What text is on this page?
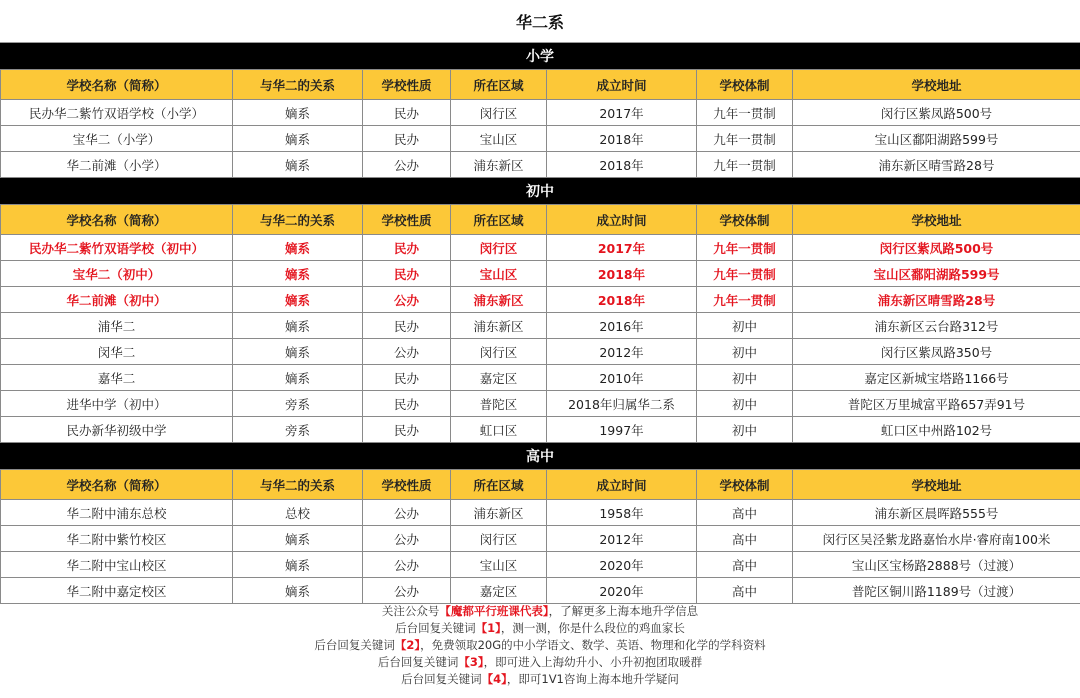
华二系
小学
学校名称（简称）	与华二的关系	学校性质	所在区域	成立时间	学校体制	学校地址
民办华二紫竹双语学校（小学）	嫡系	民办	闵行区	2017年	九年一贯制	闵行区紫凤路500号
宝华二（小学）	嫡系	民办	宝山区	2018年	九年一贯制	宝山区鄱阳湖路599号
华二前滩（小学）	嫡系	公办	浦东新区	2018年	九年一贯制	浦东新区晴雪路28号
初中
学校名称（简称）	与华二的关系	学校性质	所在区域	成立时间	学校体制	学校地址
民办华二紫竹双语学校（初中）	嫡系	民办	闵行区	2017年	九年一贯制	闵行区紫凤路500号
宝华二（初中）	嫡系	民办	宝山区	2018年	九年一贯制	宝山区鄱阳湖路599号
华二前滩（初中）	嫡系	公办	浦东新区	2018年	九年一贯制	浦东新区晴雪路28号
浦华二	嫡系	民办	浦东新区	2016年	初中	浦东新区云台路312号
闵华二	嫡系	公办	闵行区	2012年	初中	闵行区紫凤路350号
嘉华二	嫡系	民办	嘉定区	2010年	初中	嘉定区新城宝塔路1166号
进华中学（初中）	旁系	民办	普陀区	2018年归属华二系	初中	普陀区万里城富平路657弄91号
民办新华初级中学	旁系	民办	虹口区	1997年	初中	虹口区中州路102号
高中
学校名称（简称）	与华二的关系	学校性质	所在区域	成立时间	学校体制	学校地址
华二附中浦东总校	总校	公办	浦东新区	1958年	高中	浦东新区晨晖路555号
华二附中紫竹校区	嫡系	公办	闵行区	2012年	高中	闵行区吴泾紫龙路嘉怡水岸·睿府南100米
华二附中宝山校区	嫡系	公办	宝山区	2020年	高中	宝山区宝杨路2888号（过渡）
华二附中嘉定校区	嫡系	公办	嘉定区	2020年	高中	普陀区铜川路1189号（过渡）
关注公众号【魔都平行班课代表】，了解更多上海本地升学信息
后台回复关键词【1】，测一测，你是什么段位的鸡血家长
后台回复关键词【2】，免费领取20G的中小学语文、数学、英语、物理和化学的学科资料
后台回复关键词【3】，即可进入上海幼升小、小升初抱团取暖群
后台回复关键词【4】，即可1V1咨询上海本地升学疑问
